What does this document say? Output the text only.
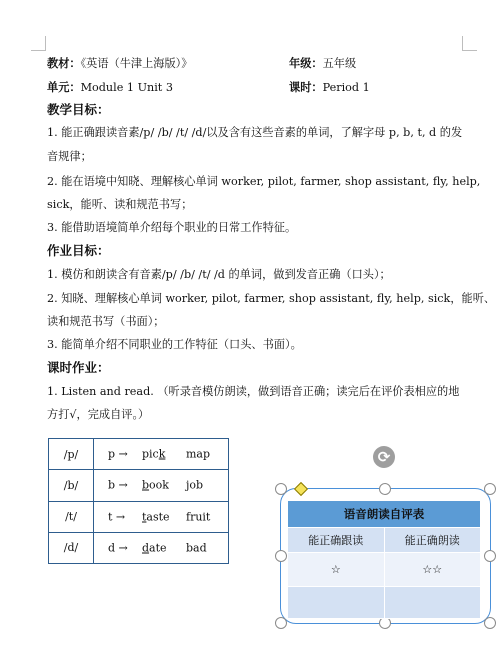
教材：《英语（牛津上海版）》	年级：五年级
单元：Module 1 Unit 3	课时：Period 1
教学目标：
1. 能正确跟读音素/p/ /b/ /t/ /d/以及含有这些音素的单词，了解字母 p, b, t, d 的发
音规律；
2. 能在语境中知晓、理解核心单词 worker, pilot, farmer, shop assistant, fly, help,
sick，能听、读和规范书写；
3. 能借助语境简单介绍每个职业的日常工作特征。
作业目标：
1. 模仿和朗读含有音素/p/ /b/ /t/ /d 的单词，做到发音正确（口头）；
2. 知晓、理解核心单词 worker, pilot, farmer, shop assistant, fly, help, sick，能听、
读和规范书写（书面）；
3. 能简单介绍不同职业的工作特征（口头、书面）。
课时作业：
1. Listen and read. （听录音模仿朗读，做到语音正确；读完后在评价表相应的地
方打√，完成自评。）
/p/	p → pick map

/b/	b → book job

/t/	t → taste fruit

/d/	d → date bad
⟳
语音朗读自评表	
能正确跟读	能正确朗读
☆	☆☆
